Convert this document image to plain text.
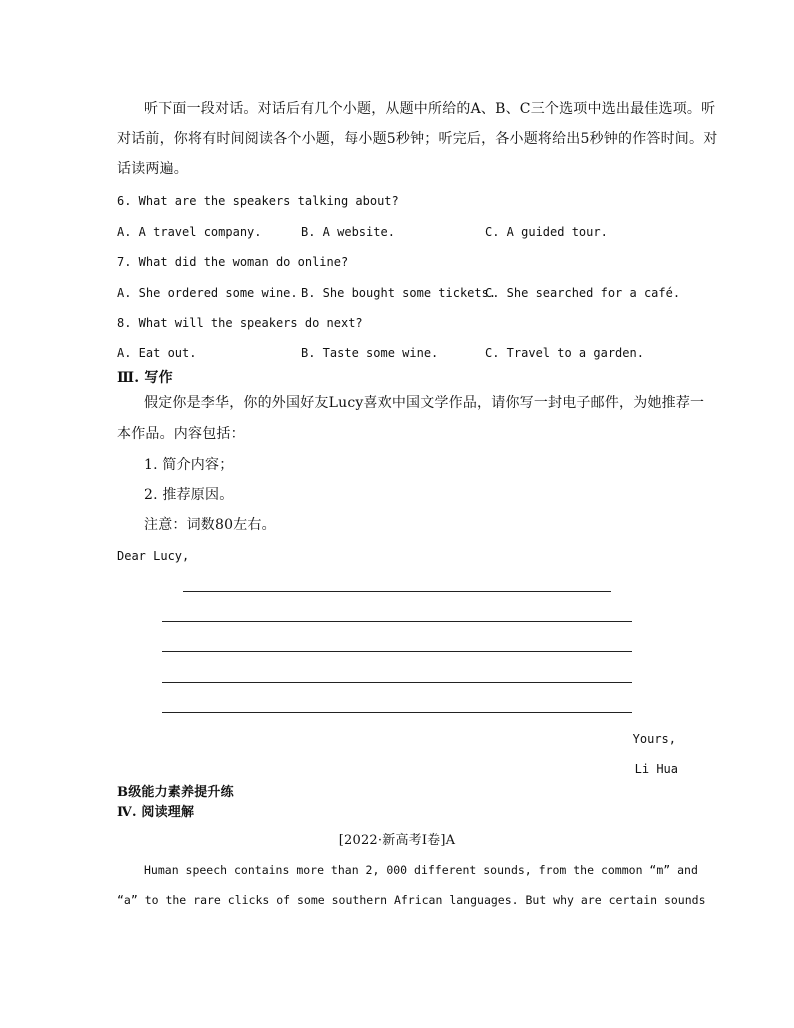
听下面一段对话。对话后有几个小题，从题中所给的A、B、C三个选项中选出最佳选项。听
对话前，你将有时间阅读各个小题，每小题5秒钟；听完后，各小题将给出5秒钟的作答时间。对
话读两遍。
6. What are the speakers talking about?
A. A travel company.	B. A website.	C. A guided tour.
7. What did the woman do online?
A. She ordered some wine. B. She bought some tickets.
C. She searched for a café.
8. What will the speakers do next?
A. Eat out.	B. Taste some wine.	C. Travel to a garden.
Ⅲ. 写作
假定你是李华，你的外国好友Lucy喜欢中国文学作品，请你写一封电子邮件，为她推荐一
本作品。内容包括：
1. 简介内容；
2. 推荐原因。
注意：词数80左右。
Dear Lucy,
Yours,
Li Hua
B级能力素养提升练
Ⅳ. 阅读理解
[2022·新高考Ⅰ卷]A
Human speech contains more than 2, 000 different sounds, from the common “m” and
“a” to the rare clicks of some southern African languages. But why are certain sounds
